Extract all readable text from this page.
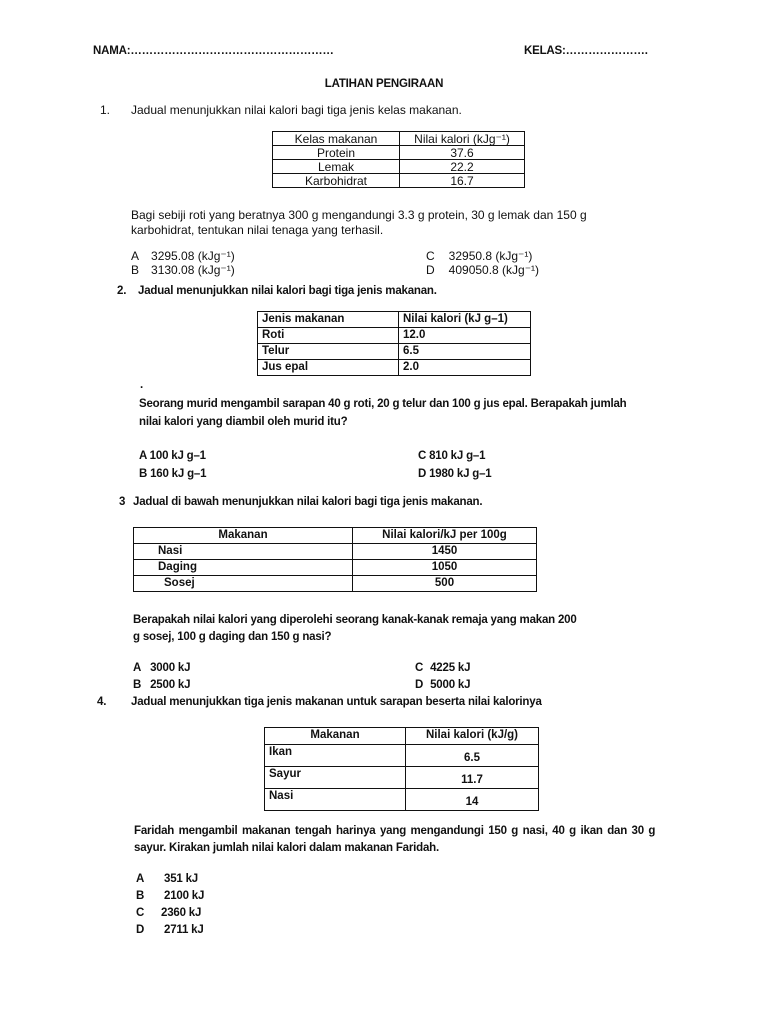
NAMA:………………………………………………	KELAS:………………….
LATIHAN PENGIRAAN
1. Jadual menunjukkan nilai kalori bagi tiga jenis kelas makanan.
Kelas makanan	Nilai kalori (kJg⁻¹)
Protein	37.6
Lemak	22.2
Karbohidrat	16.7
Bagi sebiji roti yang beratnya 300 g mengandungi 3.3 g protein, 30 g lemak dan 150 g
karbohidrat, tentukan nilai tenaga yang terhasil.
A 3295.08 (kJg⁻¹)
B 3130.08 (kJg⁻¹)
C 32950.8 (kJg⁻¹)
D 409050.8 (kJg⁻¹)
2. Jadual menunjukkan nilai kalori bagi tiga jenis makanan.
Jenis makanan	Nilai kalori (kJ g–1)
Roti	12.0
Telur	6.5
Jus epal	2.0
.
Seorang murid mengambil sarapan 40 g roti, 20 g telur dan 100 g jus epal. Berapakah jumlah
nilai kalori yang diambil oleh murid itu?
A 100 kJ g–1
B 160 kJ g–1
C 810 kJ g–1
D 1980 kJ g–1
3 Jadual di bawah menunjukkan nilai kalori bagi tiga jenis makanan.
Makanan	Nilai kalori/kJ per 100g
Nasi	1450
Daging	1050
Sosej	500
Berapakah nilai kalori yang diperolehi seorang kanak-kanak remaja yang makan 200
g sosej, 100 g daging dan 150 g nasi?
A 3000 kJ
B 2500 kJ
C 4225 kJ
D 5000 kJ
4. Jadual menunjukkan tiga jenis makanan untuk sarapan beserta nilai kalorinya
Makanan	Nilai kalori (kJ/g)
Ikan	6.5
Sayur	11.7
Nasi	14
Faridah mengambil makanan tengah harinya yang mengandungi 150 g nasi, 40 g ikan dan 30 g
sayur. Kirakan jumlah nilai kalori dalam makanan Faridah.
A 351 kJ
B 2100 kJ
C 2360 kJ
D 2711 kJ
